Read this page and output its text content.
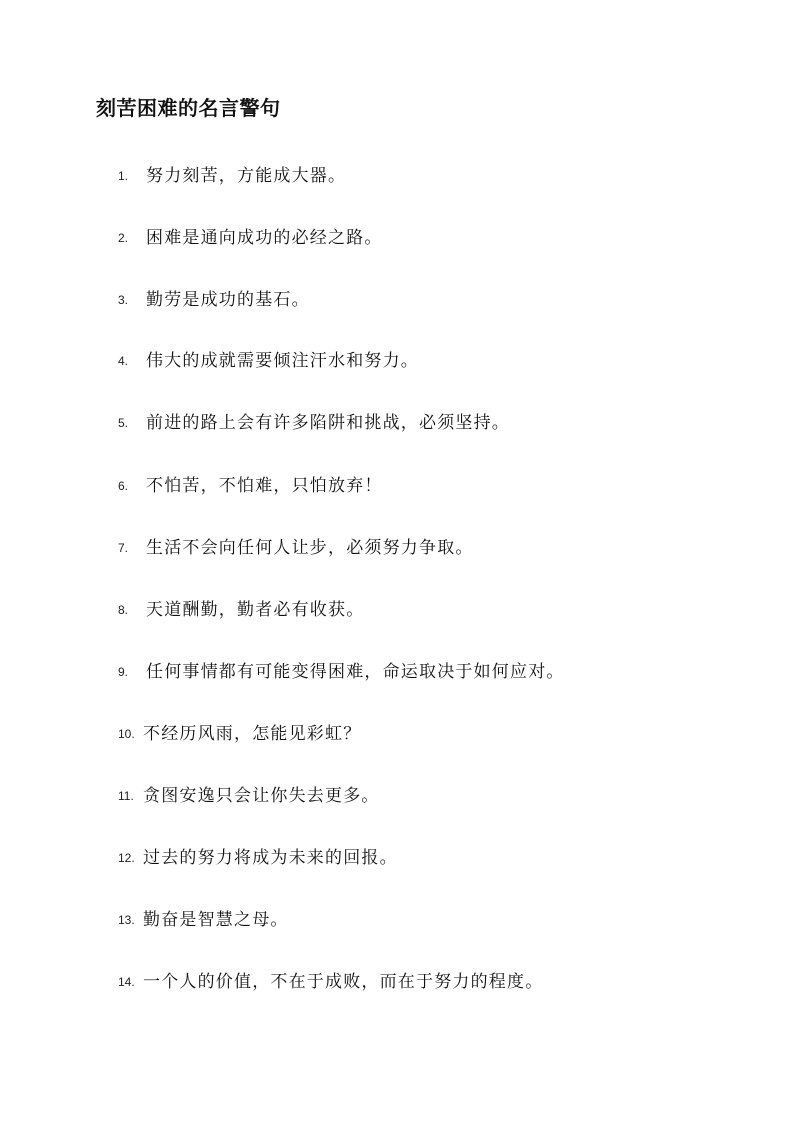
刻苦困难的名言警句
1.	努力刻苦，方能成大器。
2.	困难是通向成功的必经之路。
3.	勤劳是成功的基石。
4.	伟大的成就需要倾注汗水和努力。
5.	前进的路上会有许多陷阱和挑战，必须坚持。
6.	不怕苦，不怕难，只怕放弃！
7.	生活不会向任何人让步，必须努力争取。
8.	天道酬勤，勤者必有收获。
9.	任何事情都有可能变得困难，命运取决于如何应对。
10. 不经历风雨，怎能见彩虹？
11. 贪图安逸只会让你失去更多。
12. 过去的努力将成为未来的回报。
13. 勤奋是智慧之母。
14. 一个人的价值，不在于成败，而在于努力的程度。
